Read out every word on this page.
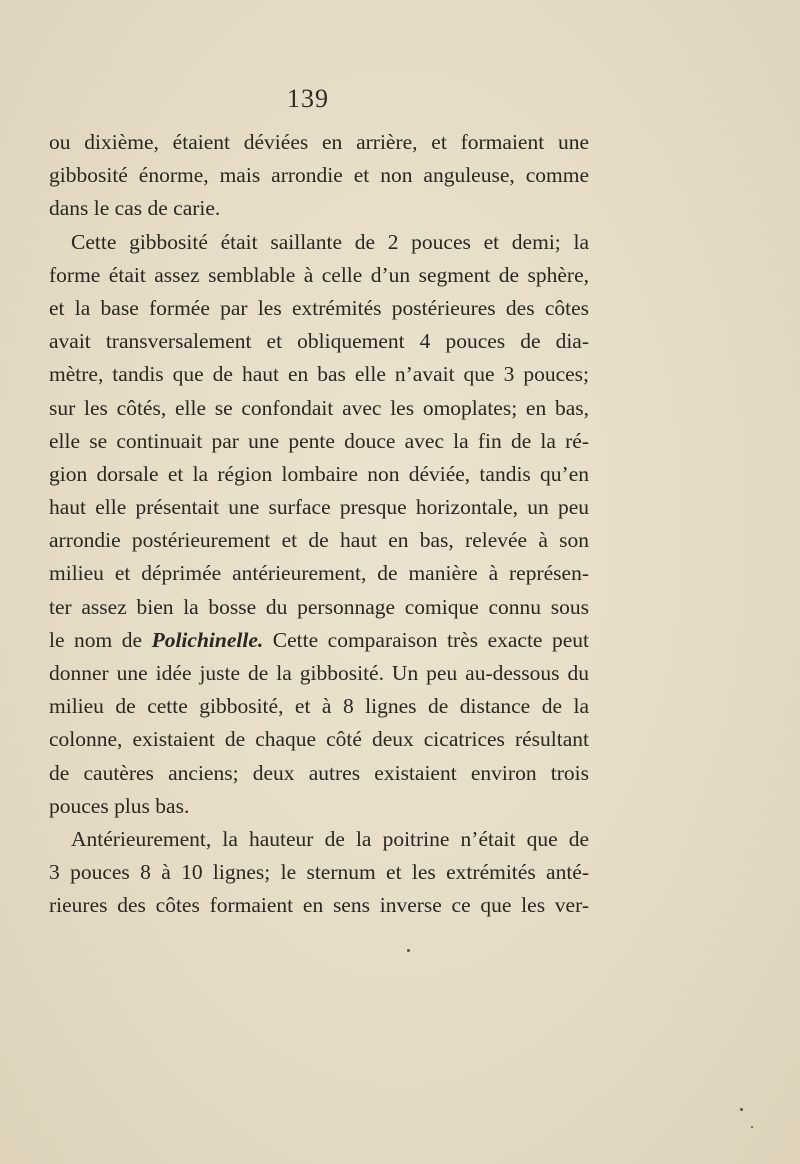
139
ou dixième, étaient déviées en arrière, et formaient une
gibbosité énorme, mais arrondie et non anguleuse, comme
dans le cas de carie.
Cette gibbosité était saillante de 2 pouces et demi; la
forme était assez semblable à celle d’un segment de sphère,
et la base formée par les extrémités postérieures des côtes
avait transversalement et obliquement 4 pouces de dia-
mètre, tandis que de haut en bas elle n’avait que 3 pouces;
sur les côtés, elle se confondait avec les omoplates; en bas,
elle se continuait par une pente douce avec la fin de la ré-
gion dorsale et la région lombaire non déviée, tandis qu’en
haut elle présentait une surface presque horizontale, un peu
arrondie postérieurement et de haut en bas, relevée à son
milieu et déprimée antérieurement, de manière à représen-
ter assez bien la bosse du personnage comique connu sous
le nom de Polichinelle. Cette comparaison très exacte peut
donner une idée juste de la gibbosité. Un peu au-dessous du
milieu de cette gibbosité, et à 8 lignes de distance de la
colonne, existaient de chaque côté deux cicatrices résultant
de cautères anciens; deux autres existaient environ trois
pouces plus bas.
Antérieurement, la hauteur de la poitrine n’était que de
3 pouces 8 à 10 lignes; le sternum et les extrémités anté-
rieures des côtes formaient en sens inverse ce que les ver-
